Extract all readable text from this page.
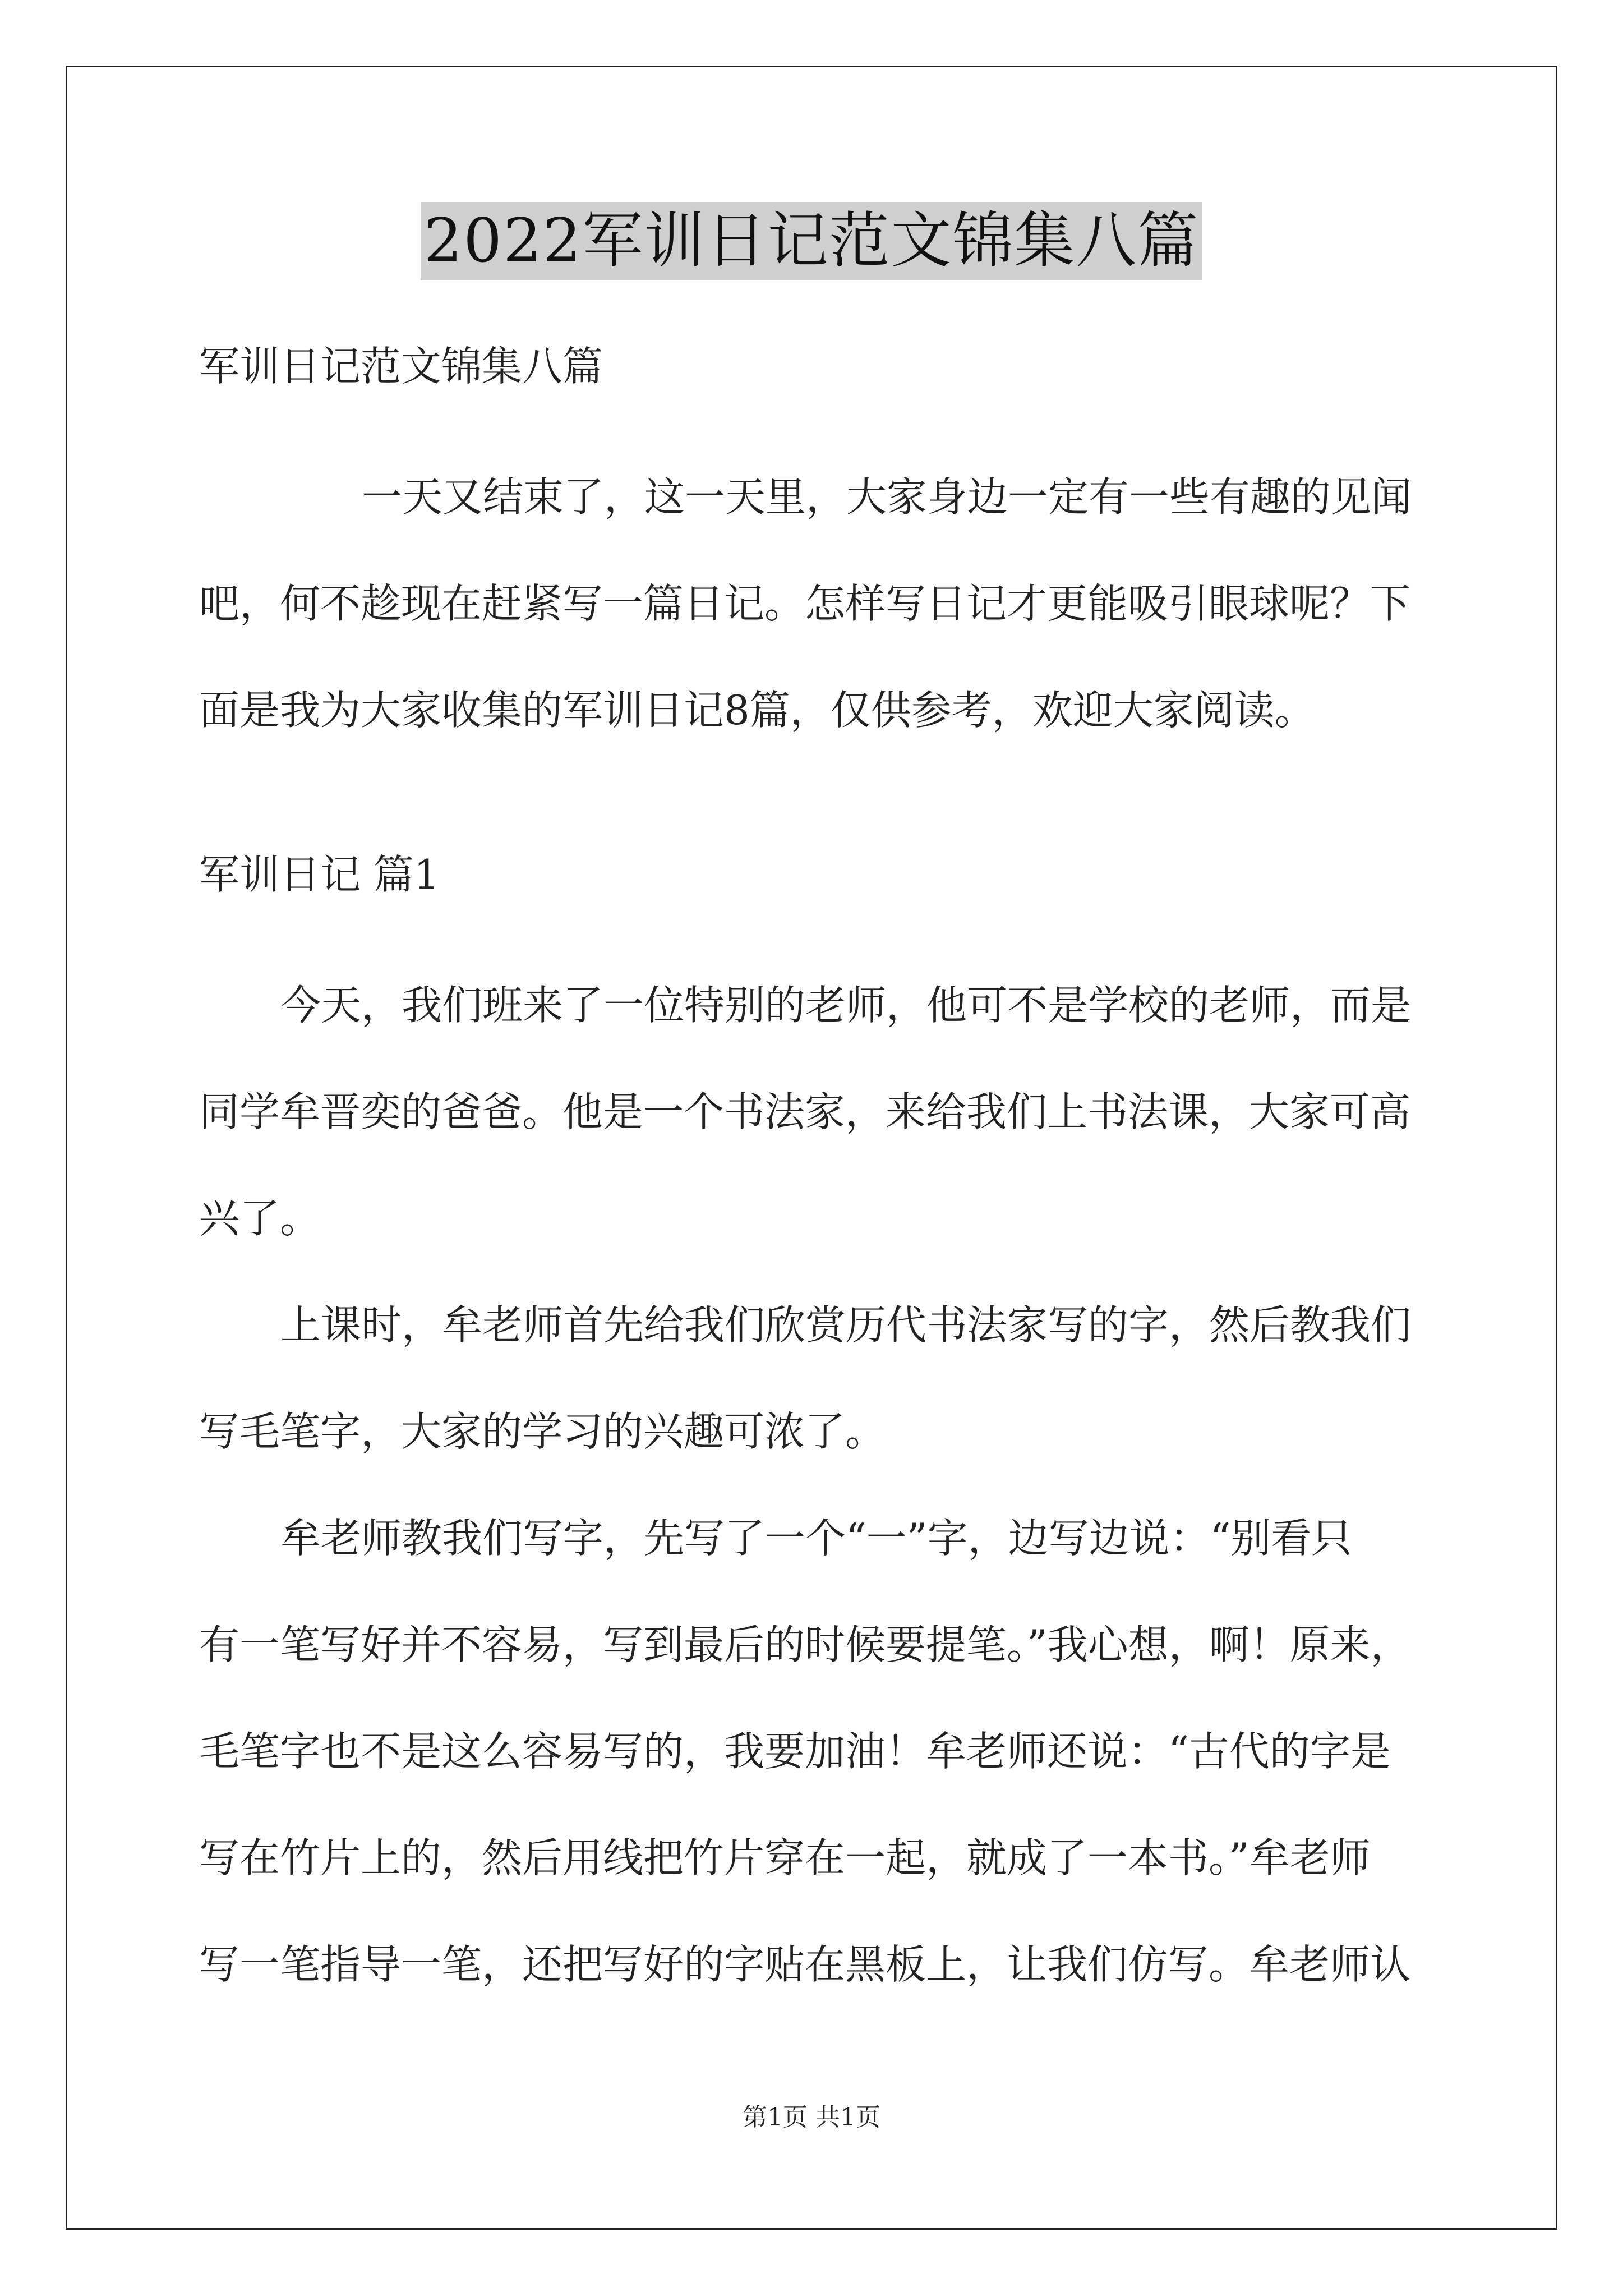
2022军训日记范文锦集八篇
军训日记范文锦集八篇
一天又结束了，这一天里，大家身边一定有一些有趣的见闻
吧，何不趁现在赶紧写一篇日记。怎样写日记才更能吸引眼球呢？下
面是我为大家收集的军训日记8篇，仅供参考，欢迎大家阅读。
军训日记 篇1
今天，我们班来了一位特别的老师，他可不是学校的老师，而是
同学牟晋奕的爸爸。他是一个书法家，来给我们上书法课，大家可高
兴了。
上课时，牟老师首先给我们欣赏历代书法家写的字，然后教我们
写毛笔字，大家的学习的兴趣可浓了。
牟老师教我们写字，先写了一个“一”字，边写边说：“别看只
有一笔写好并不容易，写到最后的时候要提笔。”我心想，啊！原来，
毛笔字也不是这么容易写的，我要加油！牟老师还说：“古代的字是
写在竹片上的，然后用线把竹片穿在一起，就成了一本书。”牟老师
写一笔指导一笔，还把写好的字贴在黑板上，让我们仿写。牟老师认
第1页 共1页
